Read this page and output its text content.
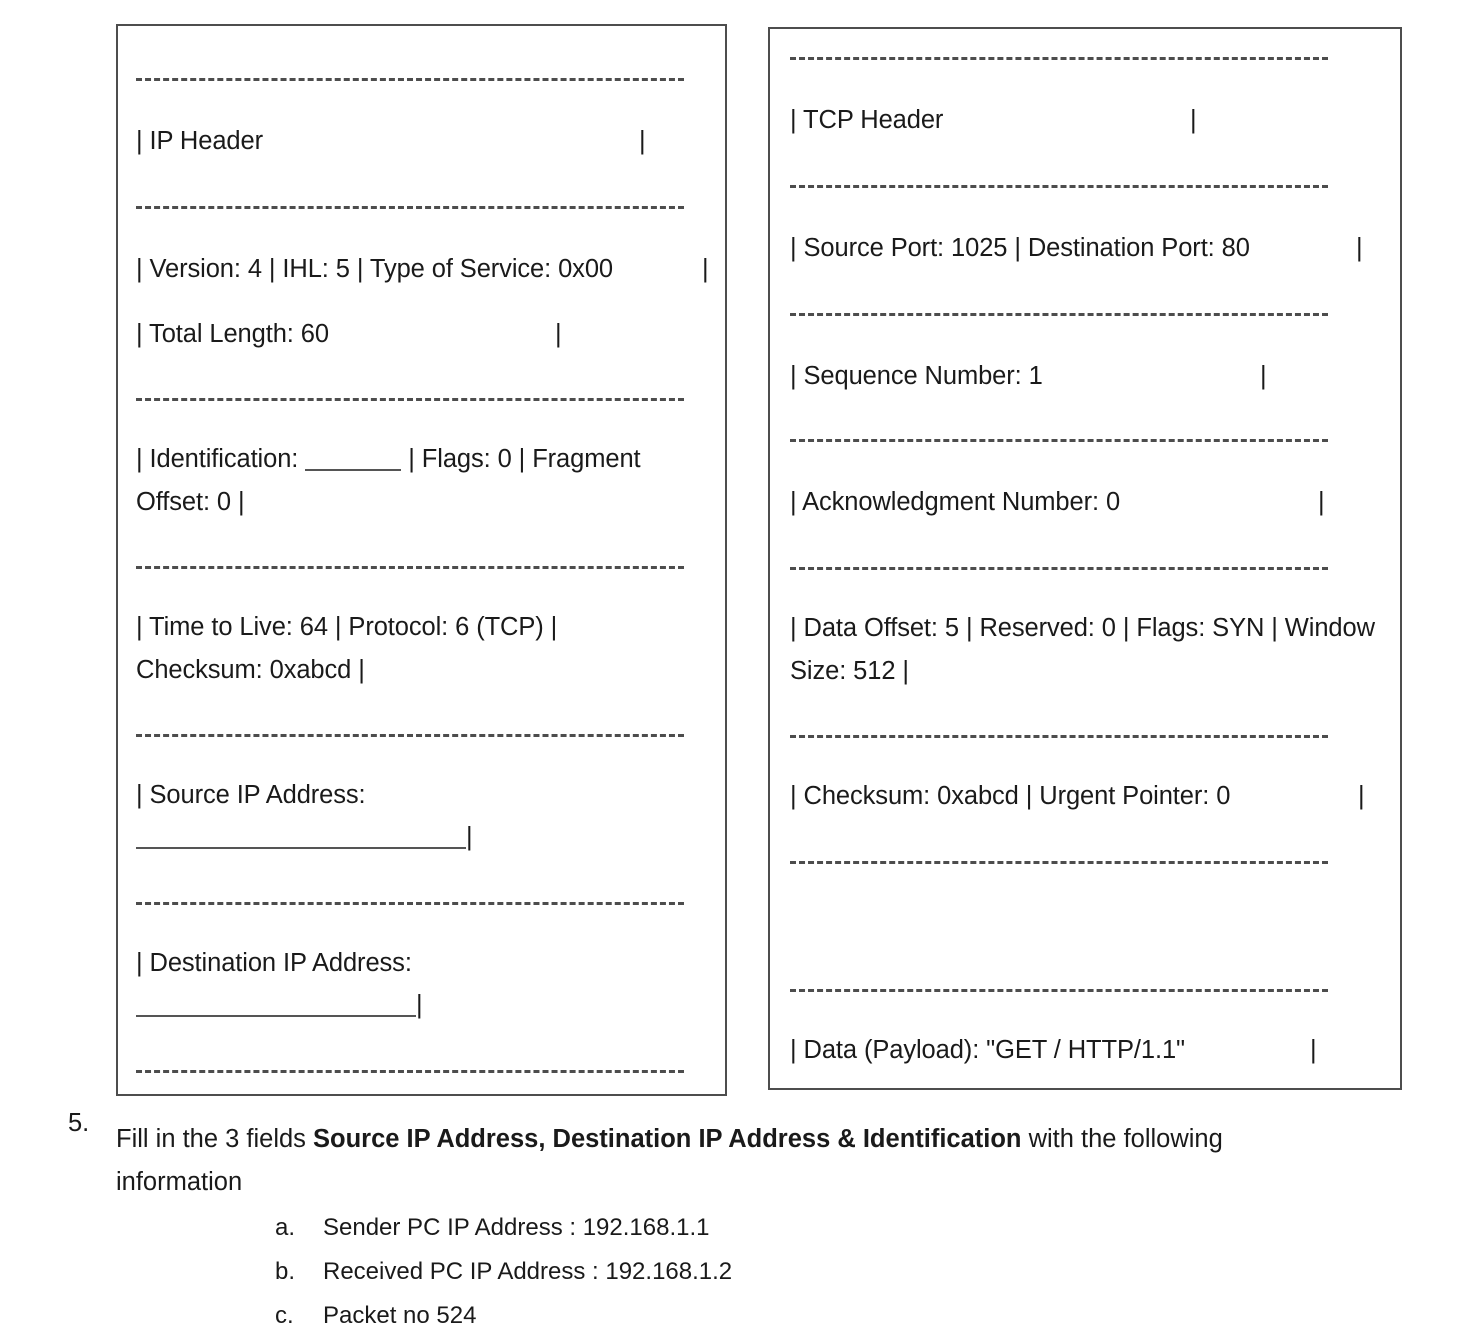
| IP Header	|
| Version: 4 | IHL: 5 | Type of Service: 0x00	|
| Total Length: 60	|
| Identification:	| Flags: 0 | Fragment Offset: 0 |
| Time to Live: 64 | Protocol: 6 (TCP) | Checksum: 0xabcd |
| Source IP Address:
|
| Destination IP Address:
|
| TCP Header	|
| Source Port: 1025 | Destination Port: 80	|
| Sequence Number: 1	|
| Acknowledgment Number: 0	|
| Data Offset: 5 | Reserved: 0 | Flags: SYN | Window Size: 512 |
| Checksum: 0xabcd | Urgent Pointer: 0	|
| Data (Payload): "GET / HTTP/1.1"	|
5.
Fill in the 3 fields Source IP Address, Destination IP Address & Identification with the following information
a.	Sender PC IP Address : 192.168.1.1
b.	Received PC IP Address : 192.168.1.2
c.	Packet no 524
